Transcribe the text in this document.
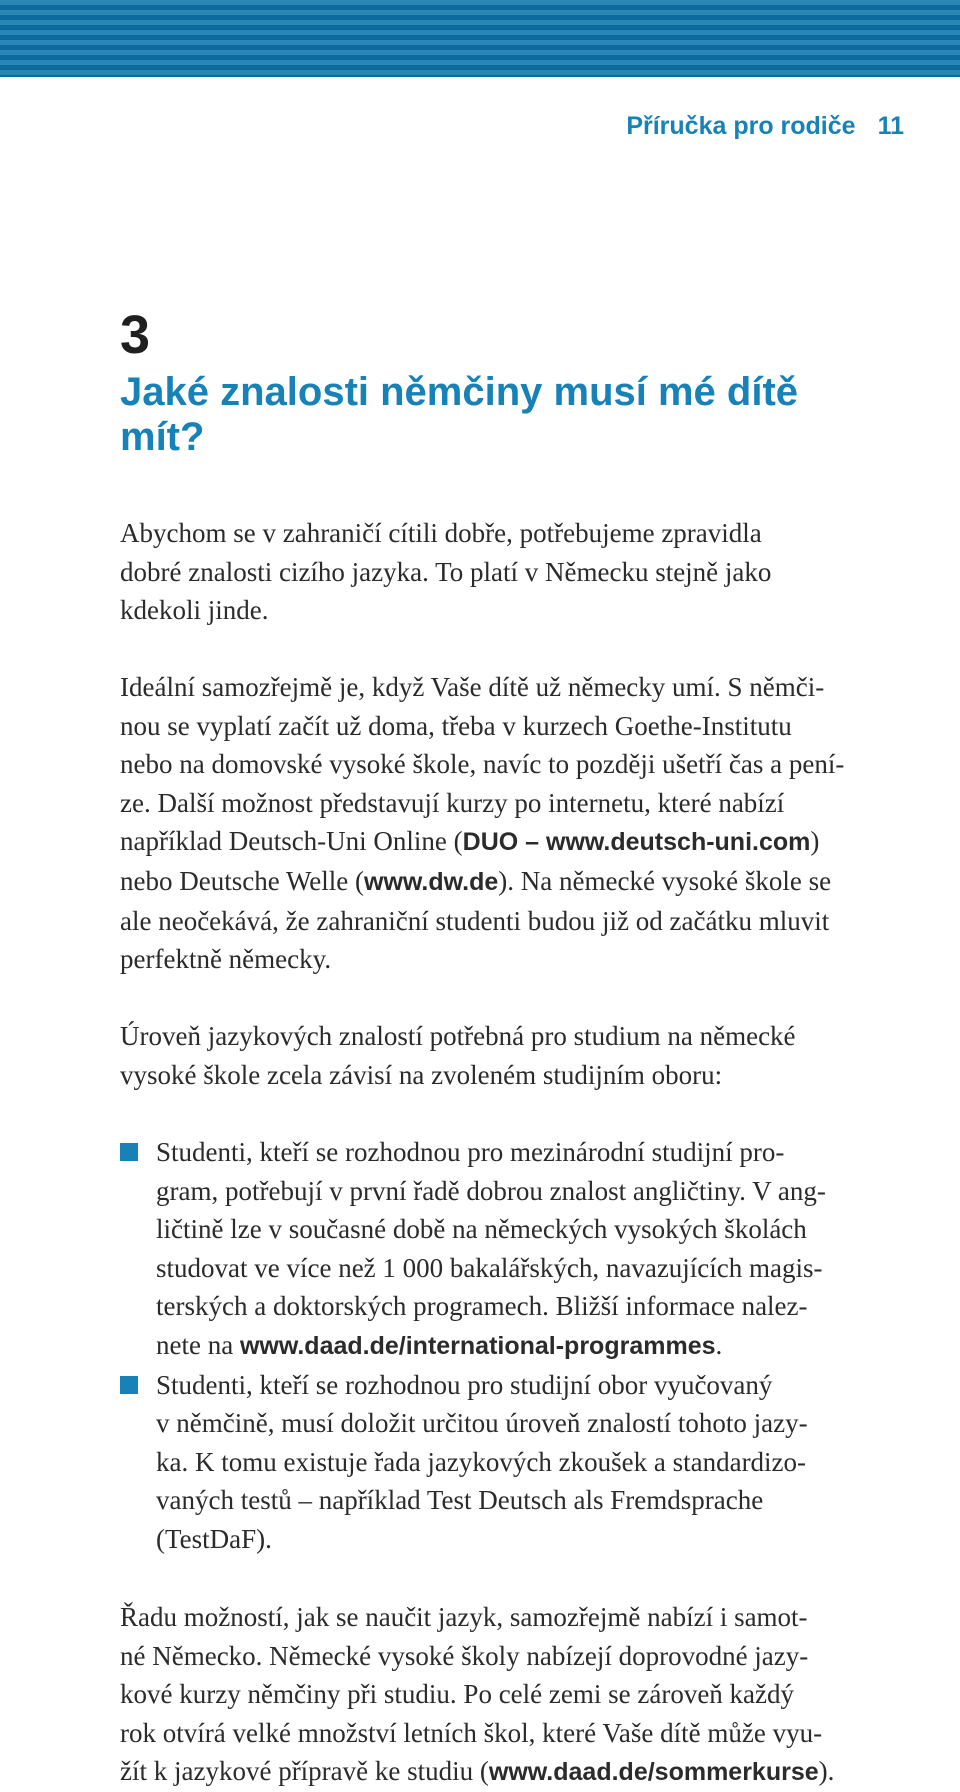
Příručka pro rodiče 11
3
Jaké znalosti němčiny musí mé dítě
mít?
Abychom se v zahraničí cítili dobře, potřebujeme zpravidla
dobré znalosti cizího jazyka. To platí v Německu stejně jako
kdekoli jinde.
Ideální samozřejmě je, když Vaše dítě už německy umí. S němči-
nou se vyplatí začít už doma, třeba v kurzech Goethe-Institutu
nebo na domovské vysoké škole, navíc to později ušetří čas a pení-
ze. Další možnost představují kurzy po internetu, které nabízí
například Deutsch-Uni Online (DUO – www.deutsch-uni.com)
nebo Deutsche Welle (www.dw.de). Na německé vysoké škole se
ale neočekává, že zahraniční studenti budou již od začátku mluvit
perfektně německy.
Úroveň jazykových znalostí potřebná pro studium na německé
vysoké škole zcela závisí na zvoleném studijním oboru:
Studenti, kteří se rozhodnou pro mezinárodní studijní pro-
gram, potřebují v první řadě dobrou znalost angličtiny. V ang-
ličtině lze v současné době na německých vysokých školách
studovat ve více než 1 000 bakalářských, navazujících magis-
terských a doktorských programech. Bližší informace nalez-
nete na www.daad.de/international-programmes.
Studenti, kteří se rozhodnou pro studijní obor vyučovaný
v němčině, musí doložit určitou úroveň znalostí tohoto jazy-
ka. K tomu existuje řada jazykových zkoušek a standardizo-
vaných testů – například Test Deutsch als Fremdsprache
(TestDaF).
Řadu možností, jak se naučit jazyk, samozřejmě nabízí i samot-
né Německo. Německé vysoké školy nabízejí doprovodné jazy-
kové kurzy němčiny při studiu. Po celé zemi se zároveň každý
rok otvírá velké množství letních škol, které Vaše dítě může vyu-
žít k jazykové přípravě ke studiu (www.daad.de/sommerkurse).
